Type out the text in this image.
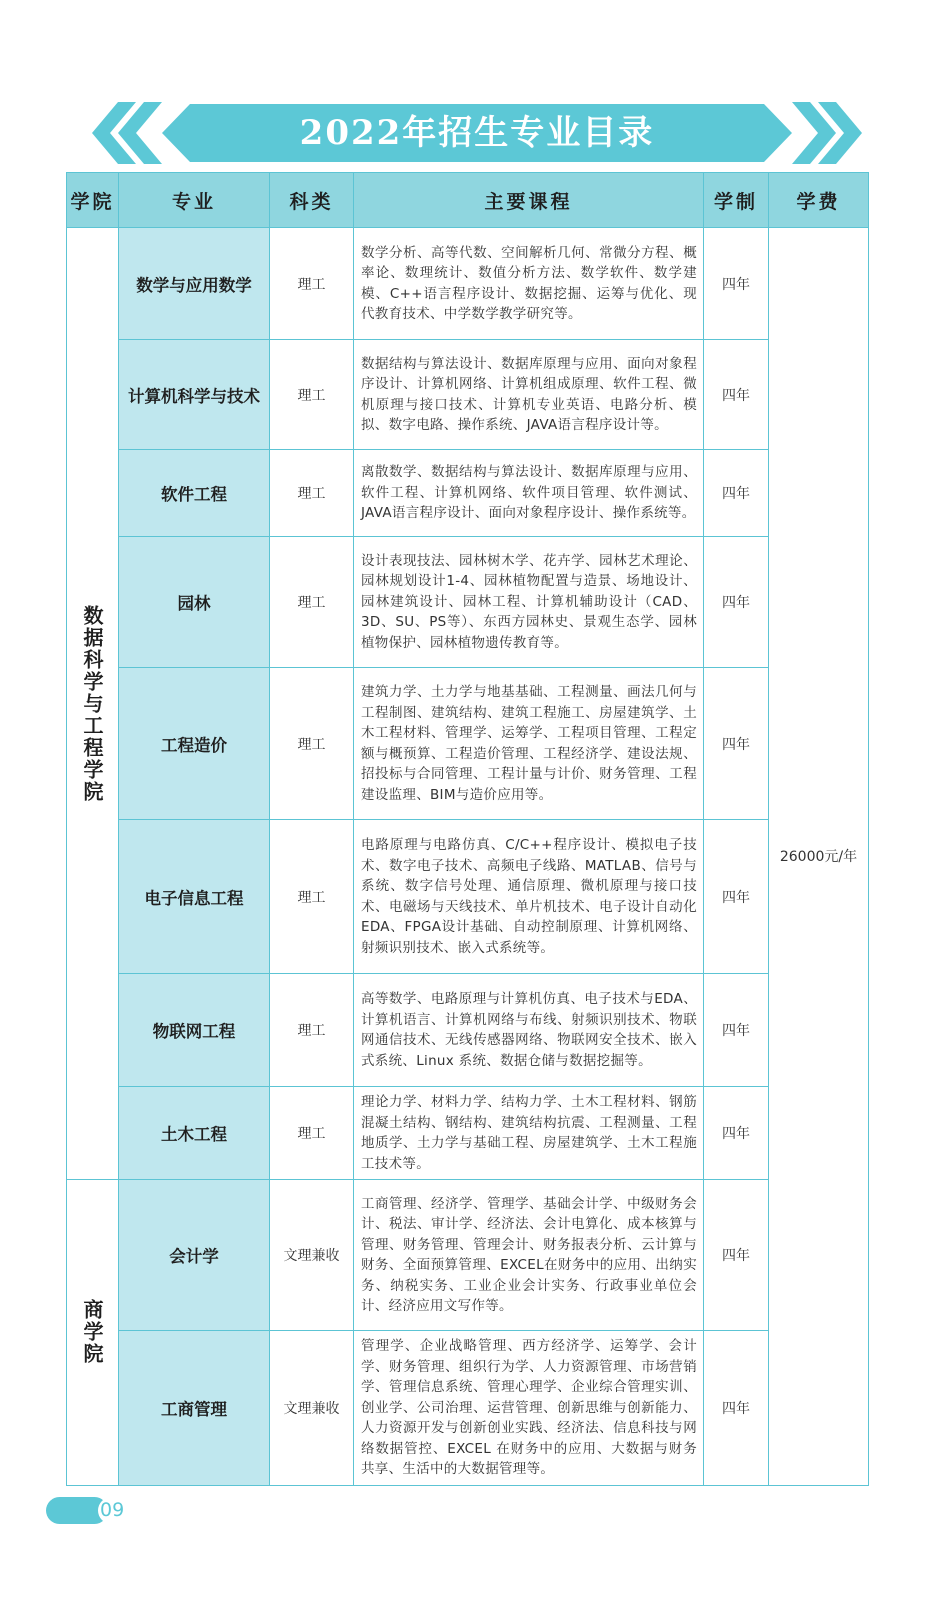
2022年招生专业目录
学院	专业	科类	主要课程	学制	学费

数据科学与工程学院	数学与应用数学	理工	数学分析、高等代数、空间解析几何、常微分方程、概率论、数理统计、数值分析方法、数学软件、数学建模、C++语言程序设计、数据挖掘、运筹与优化、现代教育技术、中学数学教学研究等。	四年	26000元/年
	计算机科学与技术	理工	数据结构与算法设计、数据库原理与应用、面向对象程序设计、计算机网络、计算机组成原理、软件工程、微机原理与接口技术、计算机专业英语、电路分析、模拟、数字电路、操作系统、JAVA语言程序设计等。	四年	
	软件工程	理工	离散数学、数据结构与算法设计、数据库原理与应用、软件工程、计算机网络、软件项目管理、软件测试、JAVA语言程序设计、面向对象程序设计、操作系统等。	四年	
	园林	理工	设计表现技法、园林树木学、花卉学、园林艺术理论、园林规划设计1-4、园林植物配置与造景、场地设计、园林建筑设计、园林工程、计算机辅助设计（CAD、3D、SU、PS等）、东西方园林史、景观生态学、园林植物保护、园林植物遗传教育等。	四年	
	工程造价	理工	建筑力学、土力学与地基基础、工程测量、画法几何与工程制图、建筑结构、建筑工程施工、房屋建筑学、土木工程材料、管理学、运筹学、工程项目管理、工程定额与概预算、工程造价管理、工程经济学、建设法规、招投标与合同管理、工程计量与计价、财务管理、工程建设监理、BIM与造价应用等。	四年	
	电子信息工程	理工	电路原理与电路仿真、C/C++程序设计、模拟电子技术、数字电子技术、高频电子线路、MATLAB、信号与系统、数字信号处理、通信原理、微机原理与接口技术、电磁场与天线技术、单片机技术、电子设计自动化EDA、FPGA设计基础、自动控制原理、计算机网络、射频识别技术、嵌入式系统等。	四年	
	物联网工程	理工	高等数学、电路原理与计算机仿真、电子技术与EDA、计算机语言、计算机网络与布线、射频识别技术、物联网通信技术、无线传感器网络、物联网安全技术、嵌入式系统、Linux 系统、数据仓储与数据挖掘等。	四年	
	土木工程	理工	理论力学、材料力学、结构力学、土木工程材料、钢筋混凝土结构、钢结构、建筑结构抗震、工程测量、工程地质学、土力学与基础工程、房屋建筑学、土木工程施工技术等。	四年	

商学院	会计学	文理兼收	工商管理、经济学、管理学、基础会计学、中级财务会计、税法、审计学、经济法、会计电算化、成本核算与管理、财务管理、管理会计、财务报表分析、云计算与财务、全面预算管理、EXCEL在财务中的应用、出纳实务、纳税实务、工业企业会计实务、行政事业单位会计、经济应用文写作等。	四年	
	工商管理	文理兼收	管理学、企业战略管理、西方经济学、运筹学、会计学、财务管理、组织行为学、人力资源管理、市场营销学、管理信息系统、管理心理学、企业综合管理实训、创业学、公司治理、运营管理、创新思维与创新能力、人力资源开发与创新创业实践、经济法、信息科技与网络数据管控、EXCEL 在财务中的应用、大数据与财务共享、生活中的大数据管理等。	四年	
09
